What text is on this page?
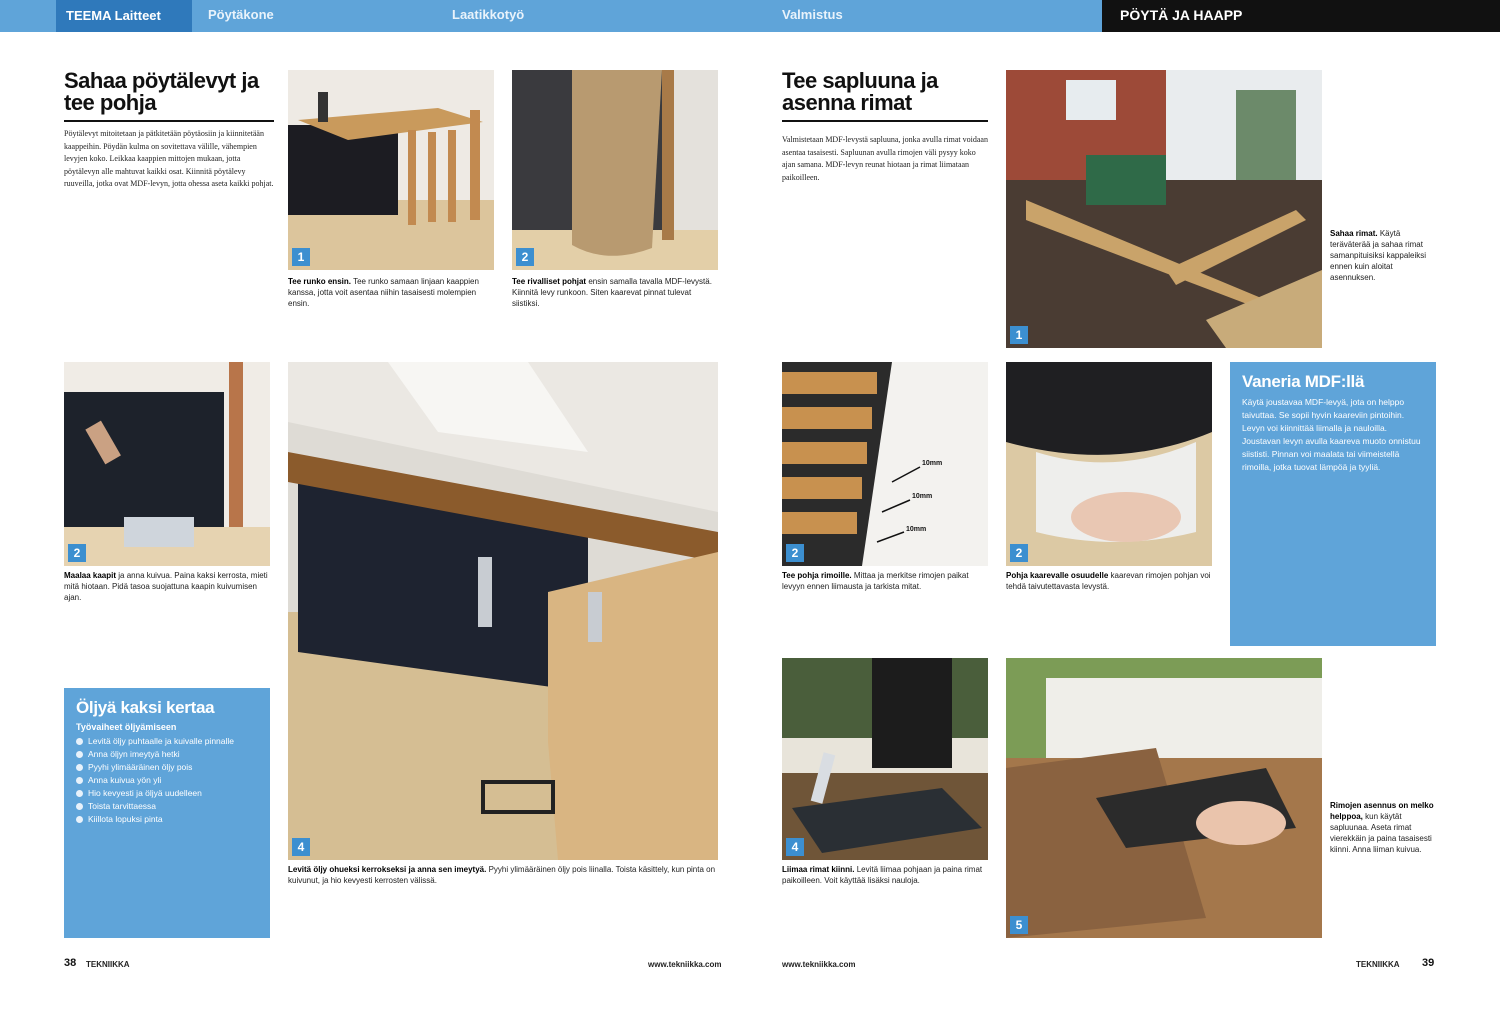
TEEMA Laitteet	Pöytäkone	Laatikkotyö	Valmistus	PÖYTÄ JA HAAPP
Sahaa pöytälevyt ja tee pohja
Pöytälevyt mitoitetaan ja pätkitetään pöytäosiin ja kiinnitetään kaappeihin. Pöydän kulma on sovitettava välille, vähempien levyjen koko. Leikkaa kaappien mittojen mukaan, jotta pöytälevyn alle mahtuvat kaikki osat. Kiinnitä pöytälevy ruuveilla, jotka ovat MDF-levyn, jotta ohessa aseta kaikki pohjat.
1
Tee runko ensin. Tee runko samaan linjaan kaappien kanssa, jotta voit asentaa niihin tasaisesti molempien ensin.
2
Tee rivalliset pohjat ensin samalla tavalla MDF-levystä. Kiinnitä levy runkoon. Siten kaarevat pinnat tulevat siistiksi.
2
Maalaa kaapit ja anna kuivua. Paina kaksi kerrosta, mieti mitä hiotaan. Pidä tasoa suojattuna kaapin kuivumisen ajan.
4
Levitä öljy ohueksi kerrokseksi ja anna sen imeytyä. Pyyhi ylimääräinen öljy pois liinalla. Toista käsittely, kun pinta on kuivunut, ja hio kevyesti kerrosten välissä.
Öljyä kaksi kertaa
Työvaiheet öljyämiseen
Levitä öljy puhtaalle ja kuivalle pinnalle
Anna öljyn imeytyä hetki
Pyyhi ylimääräinen öljy pois
Anna kuivua yön yli
Hio kevyesti ja öljyä uudelleen
Toista tarvittaessa
Kiillota lopuksi pinta
38 TEKNIIKKA	www.tekniikka.com
Tee sapluuna ja asenna rimat
Valmistetaan MDF-levystä sapluuna, jonka avulla rimat voidaan asentaa tasaisesti. Sapluunan avulla rimojen väli pysyy koko ajan samana. MDF-levyn reunat hiotaan ja rimat liimataan paikoilleen.
1
Sahaa rimat. Käytä teräväterää ja sahaa rimat samanpituisiksi kappaleiksi ennen kuin aloitat asennuksen.
10mm
10mm
10mm
2
Tee pohja rimoille. Mittaa ja merkitse rimojen paikat levyyn ennen liimausta ja tarkista mitat.
2
Pohja kaarevalle osuudelle kaarevan rimojen pohjan voi tehdä taivutettavasta levystä.
Vaneria MDF:llä

Käytä joustavaa MDF-levyä, jota on helppo taivuttaa. Se sopii hyvin kaareviin pintoihin. Levyn voi kiinnittää liimalla ja nauloilla. Joustavan levyn avulla kaareva muoto onnistuu siististi. Pinnan voi maalata tai viimeistellä rimoilla, jotka tuovat lämpöä ja tyyliä.

4
Liimaa rimat kiinni. Levitä liimaa pohjaan ja paina rimat paikoilleen. Voit käyttää lisäksi nauloja.
5
Rimojen asennus on melko helppoa, kun käytät sapluunaa. Aseta rimat vierekkäin ja paina tasaisesti kiinni. Anna liiman kuivua.
www.tekniikka.com	TEKNIIKKA 39
